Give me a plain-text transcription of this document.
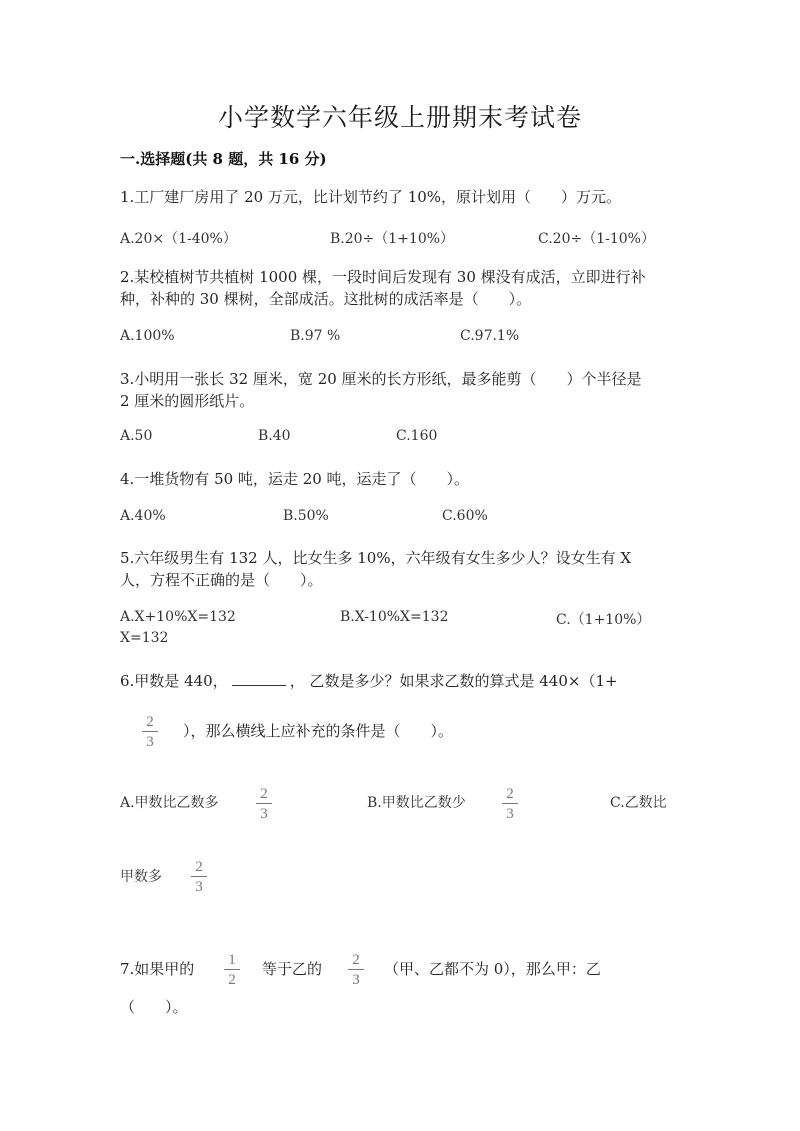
小学数学六年级上册期末考试卷
一.选择题(共 8 题，共 16 分)
1.工厂建厂房用了 20 万元，比计划节约了 10%，原计划用（　　）万元。
A.20×（1-40%）	B.20÷（1+10%）	C.20÷（1-10%）
2.某校植树节共植树 1000 棵，一段时间后发现有 30 棵没有成活，立即进行补
种，补种的 30 棵树，全部成活。这批树的成活率是（　　）。
A.100%	B.97 %	C.97.1%
3.小明用一张长 32 厘米，宽 20 厘米的长方形纸，最多能剪（　　）个半径是
2 厘米的圆形纸片。
A.50	B.40	C.160
4.一堆货物有 50 吨，运走 20 吨，运走了（　　）。
A.40%	B.50%	C.60%
5.六年级男生有 132 人，比女生多 10%，六年级有女生多少人？设女生有 X
人，方程不正确的是（　　）。
A.X+10%X=132	B.X-10%X=132	C.（1+10%）
X=132
6.甲数是 440，	， 乙数是多少？如果求乙数的算式是 440×（1+
2
3
），那么横线上应补充的条件是（　　）。
A.甲数比乙数多
2
3
B.甲数比乙数少
2
3
C.乙数比
甲数多
2
3
7.如果甲的 1
2
等于乙的 2
3
（甲、乙都不为 0），那么甲：乙
（　　）。
